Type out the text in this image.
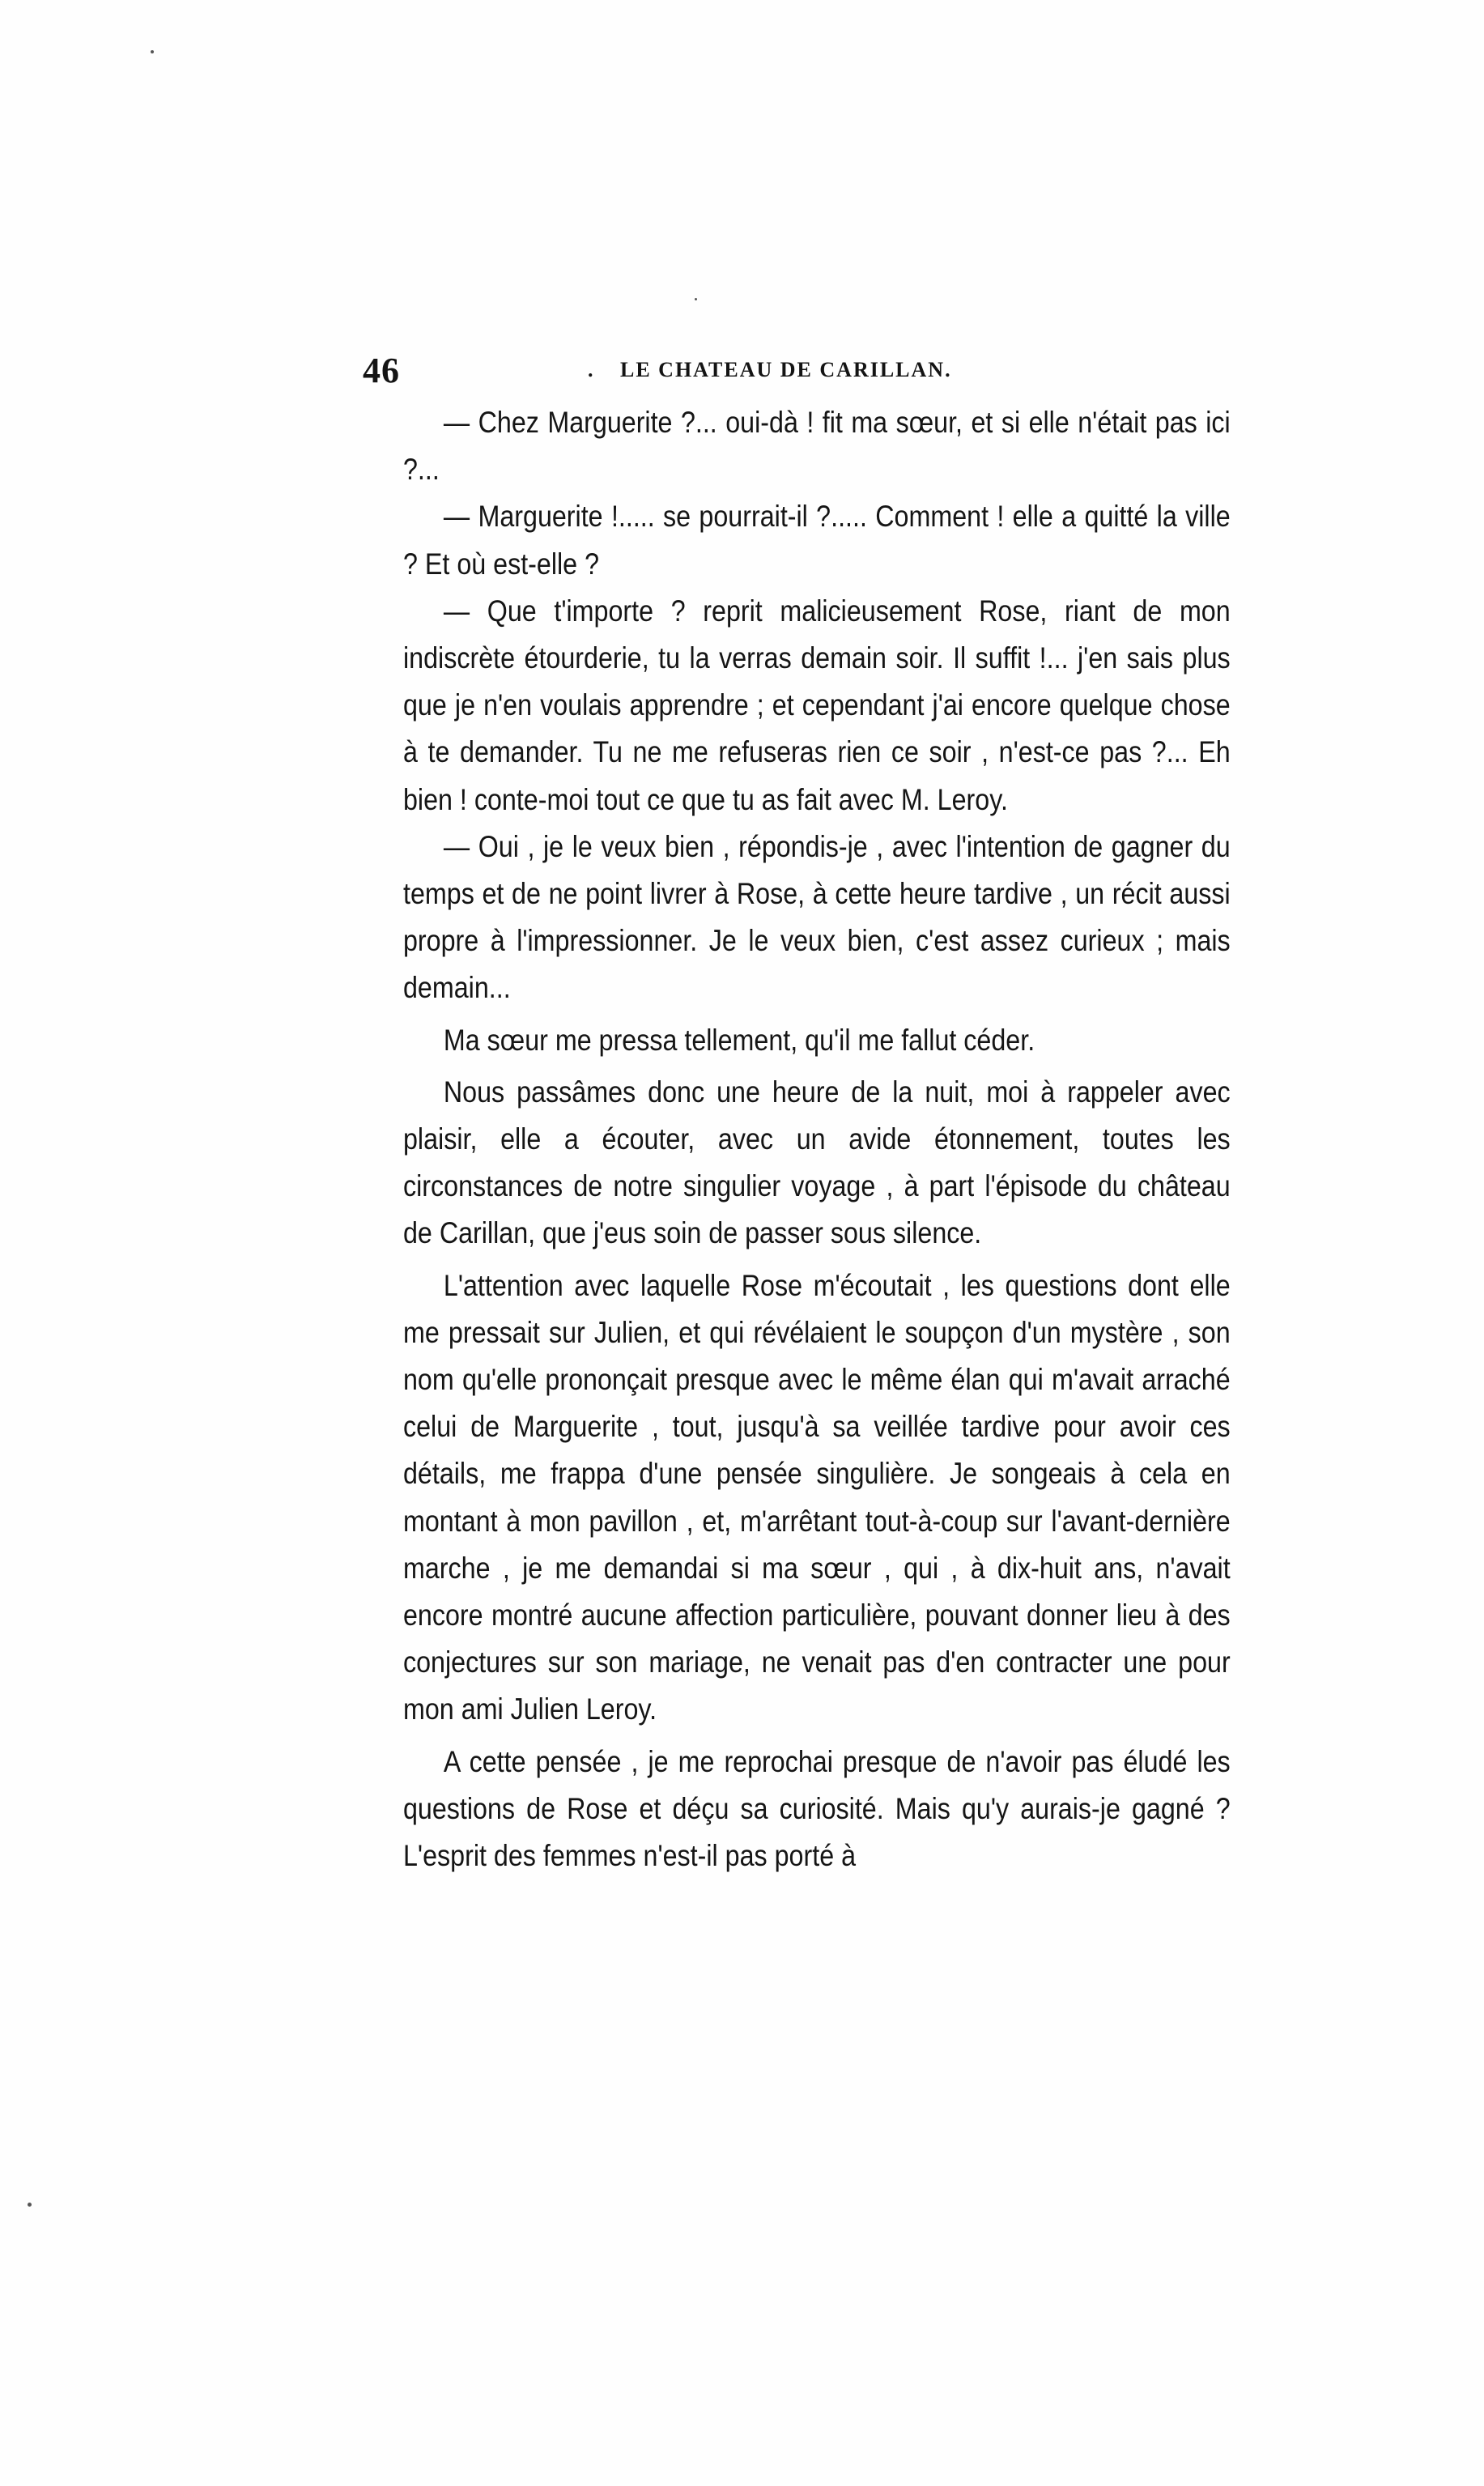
46	. LE CHATEAU DE CARILLAN.

— Chez Marguerite ?... oui-dà ! fit ma sœur, et si elle n'était pas ici ?...

— Marguerite !..... se pourrait-il ?..... Comment ! elle a quitté la ville ? Et où est-elle ?

— Que t'importe ? reprit malicieusement Rose, riant de mon indiscrète étourderie, tu la verras demain soir. Il suffit !... j'en sais plus que je n'en voulais apprendre ; et cependant j'ai encore quelque chose à te demander. Tu ne me refuseras rien ce soir , n'est-ce pas ?... Eh bien ! conte-moi tout ce que tu as fait avec M. Leroy.

— Oui , je le veux bien , répondis-je , avec l'intention de gagner du temps et de ne point livrer à Rose, à cette heure tardive , un récit aussi propre à l'impressionner. Je le veux bien, c'est assez curieux ; mais demain...

Ma sœur me pressa tellement, qu'il me fallut céder.

Nous passâmes donc une heure de la nuit, moi à rappeler avec plaisir, elle a écouter, avec un avide étonnement, toutes les circonstances de notre singulier voyage , à part l'épisode du château de Carillan, que j'eus soin de passer sous silence.

L'attention avec laquelle Rose m'écoutait , les questions dont elle me pressait sur Julien, et qui révélaient le soupçon d'un mystère , son nom qu'elle prononçait presque avec le même élan qui m'avait arraché celui de Marguerite , tout, jusqu'à sa veillée tardive pour avoir ces détails, me frappa d'une pensée singulière. Je songeais à cela en montant à mon pavillon , et, m'arrêtant tout-à-coup sur l'avant-dernière marche , je me demandai si ma sœur , qui , à dix-huit ans, n'avait encore montré aucune affection particulière, pouvant donner lieu à des conjectures sur son mariage, ne venait pas d'en contracter une pour mon ami Julien Leroy.

A cette pensée , je me reprochai presque de n'avoir pas éludé les questions de Rose et déçu sa curiosité. Mais qu'y aurais-je gagné ? L'esprit des femmes n'est-il pas porté à
